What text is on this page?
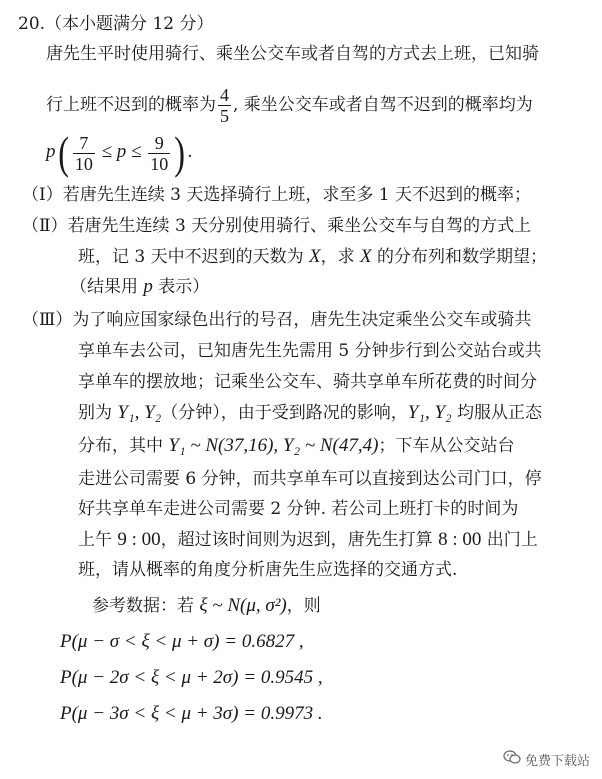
20.（本小题满分 12 分）
唐先生平时使用骑行、乘坐公交车或者自驾的方式去上班，已知骑
行上班不迟到的概率为 $\frac{4}{5}$ , 乘坐公交车或者自驾不迟到的概率均为
$p( \frac{7}{10} \le p \le \frac{9}{10}$ ) .
（Ⅰ）若唐先生连续 3 天选择骑行上班，求至多 1 天不迟到的概率；
（Ⅱ）若唐先生连续 3 天分别使用骑行、乘坐公交车与自驾的方式上
班，记 3 天中不迟到的天数为 X，求 X 的分布列和数学期望；
（结果用 p 表示）
（Ⅲ）为了响应国家绿色出行的号召，唐先生决定乘坐公交车或骑共
享单车去公司，已知唐先生先需用 5 分钟步行到公交站台或共
享单车的摆放地；记乘坐公交车、骑共享单车所花费的时间分
别为 Y₁, Y₂（分钟），由于受到路况的影响，Y₁, Y₂ 均服从正态
分布，其中 Y₁ ~ N(37,16), Y₂ ~ N(47,4)；下车从公交站台
走进公司需要 6 分钟，而共享单车可以直接到达公司门口，停
好共享单车走进公司需要 2 分钟. 若公司上班打卡的时间为
上午 9 : 00，超过该时间则为迟到，唐先生打算 8 : 00 出门上
班，请从概率的角度分析唐先生应选择的交通方式.
参考数据：若 ξ ~ N(μ, σ²)，则
P(μ − σ < ξ < μ + σ) = 0.6827 ,
P(μ − 2σ < ξ < μ + 2σ) = 0.9545 ,
P(μ − 3σ < ξ < μ + 3σ) = 0.9973 .
免费下载站
